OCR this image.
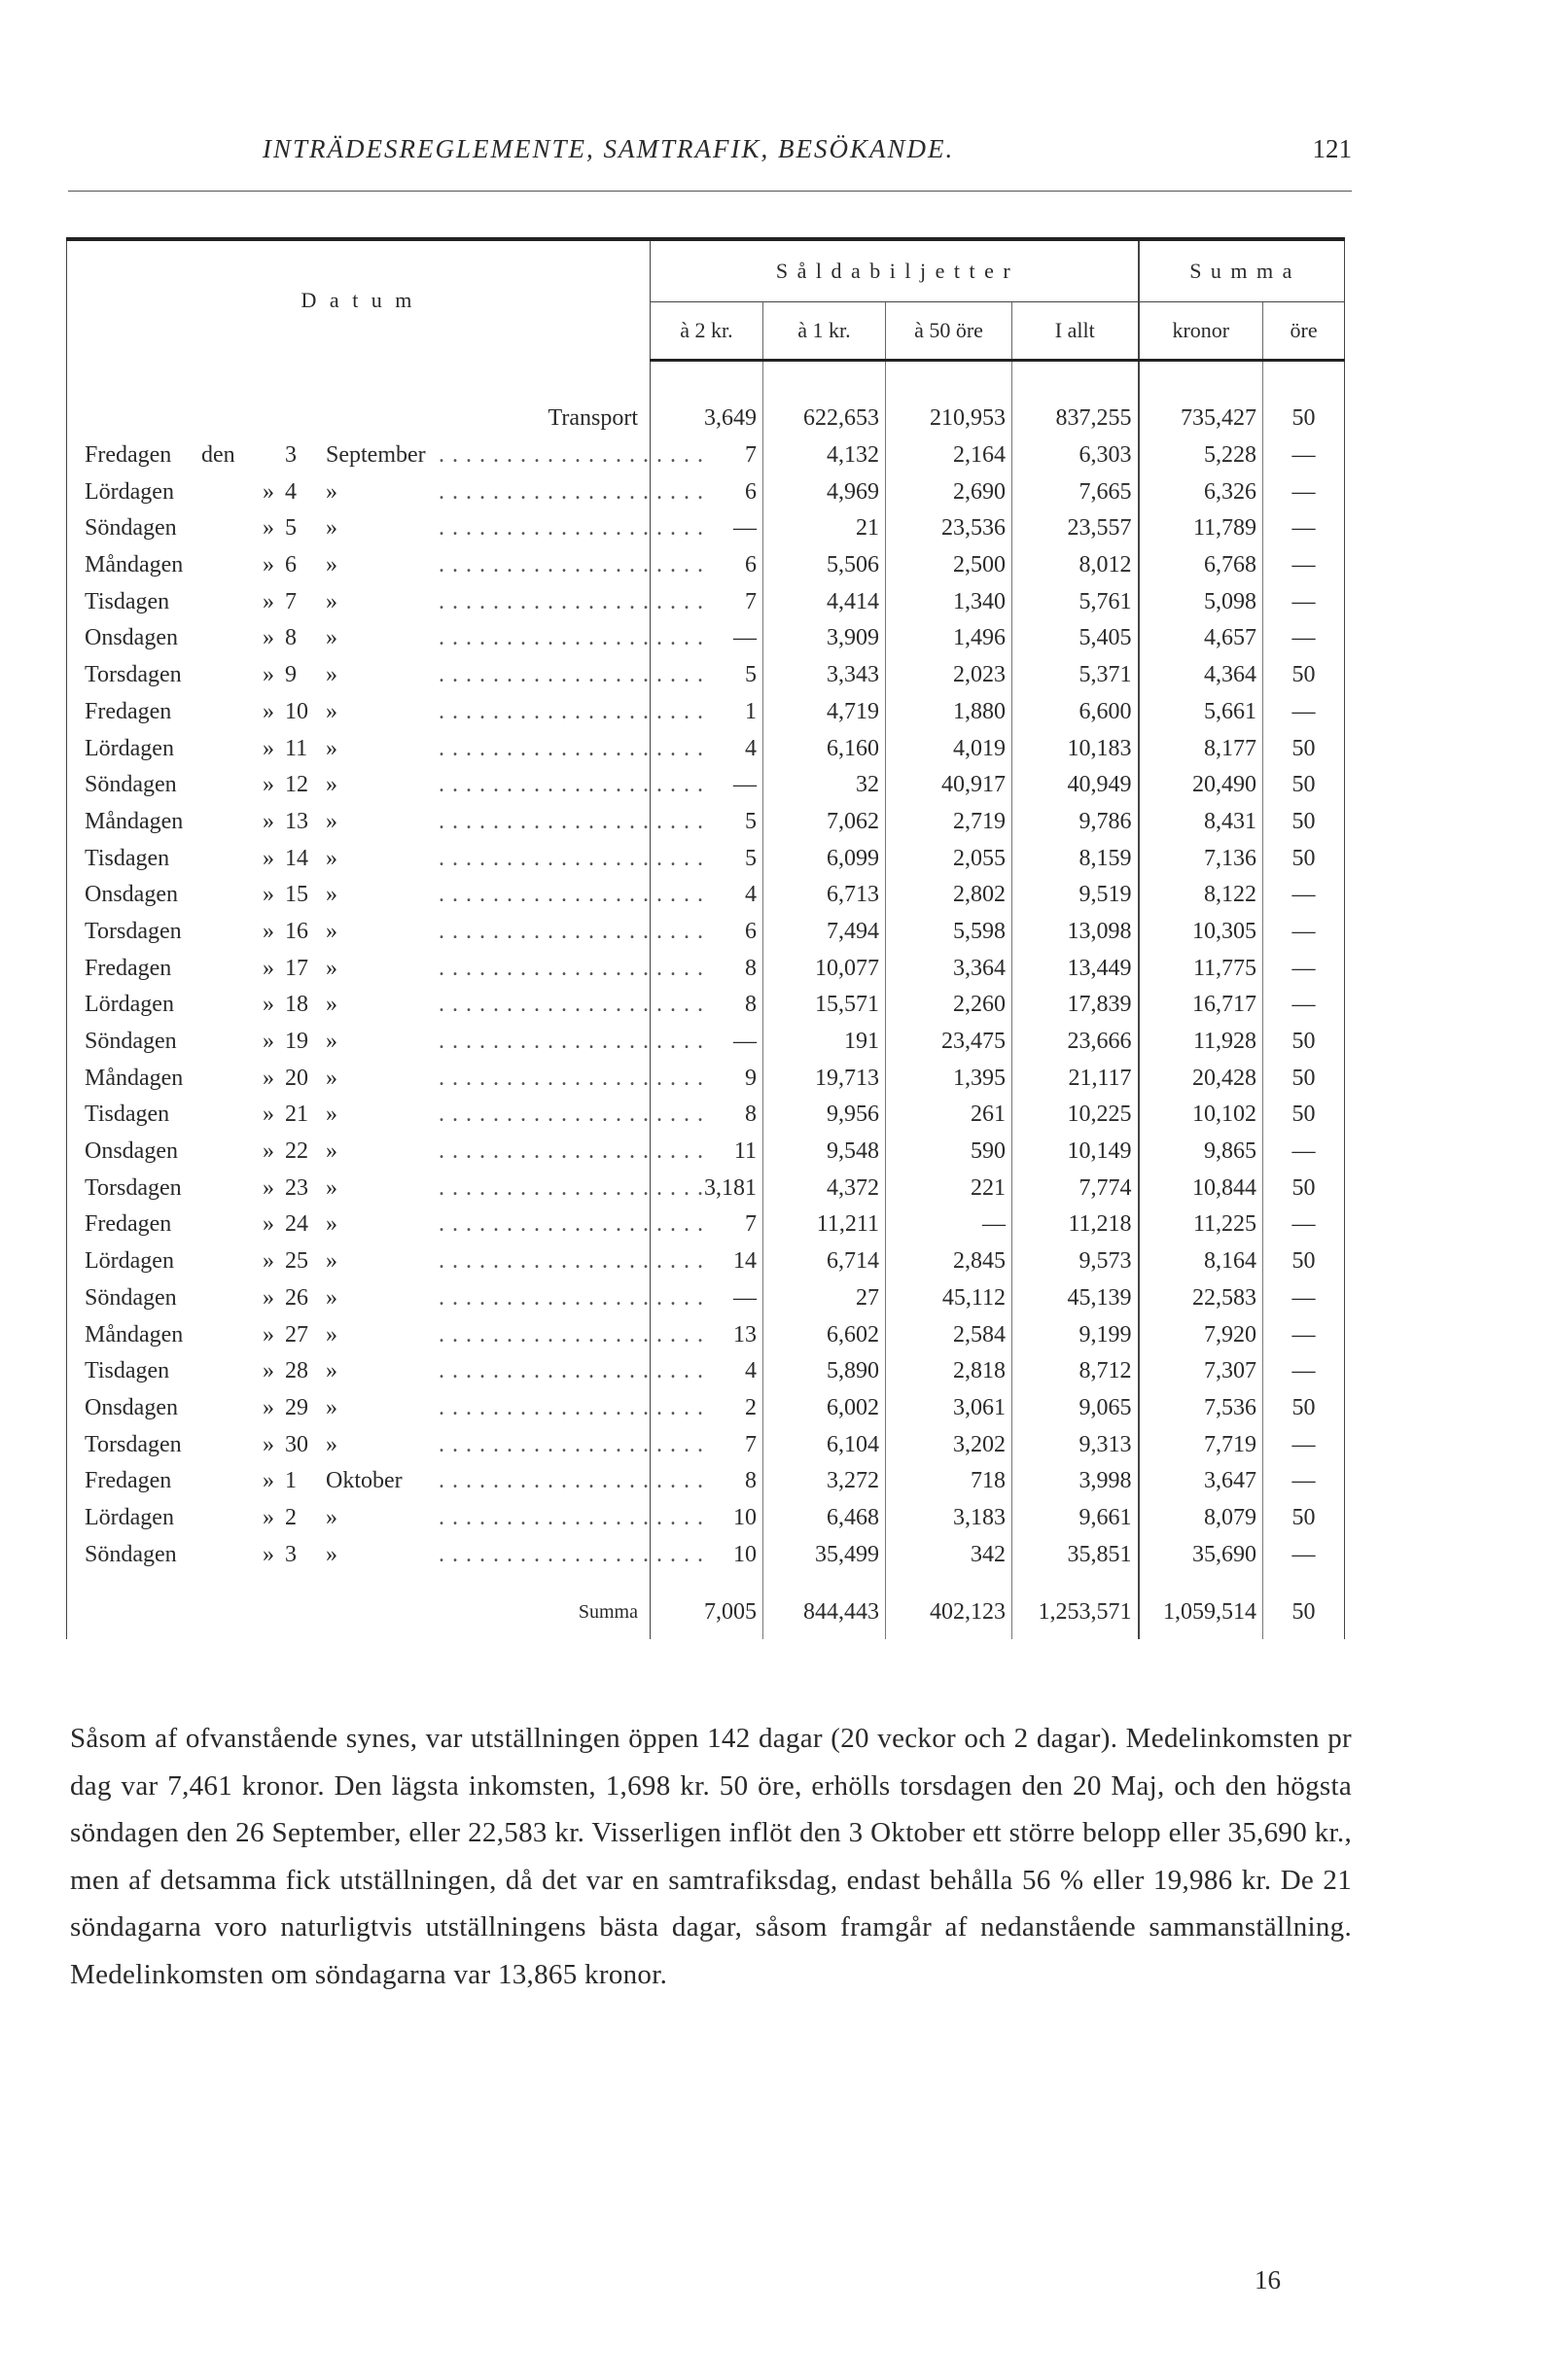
INTRÄDESREGLEMENTE, SAMTRAFIK, BESÖKANDE.	121
D a t u m	S å l d a b i l j e t t e r				S u m m a	
	à 2 kr.	à 1 kr.	à 50 öre	I allt	kronor	öre

Transport	3,649	622,653	210,953	837,255	735,427	50
Fredagen den 3 September . . . . . . . . . . . . . . . . . . . .	7	4,132	2,164	6,303	5,228	—
Lördagen » 4 » . . . . . . . . . . . . . . . . . . . .	6	4,969	2,690	7,665	6,326	—
Söndagen » 5 » . . . . . . . . . . . . . . . . . . . .	—	21	23,536	23,557	11,789	—
Måndagen » 6 » . . . . . . . . . . . . . . . . . . . .	6	5,506	2,500	8,012	6,768	—
Tisdagen » 7 » . . . . . . . . . . . . . . . . . . . .	7	4,414	1,340	5,761	5,098	—
Onsdagen » 8 » . . . . . . . . . . . . . . . . . . . .	—	3,909	1,496	5,405	4,657	—
Torsdagen » 9 » . . . . . . . . . . . . . . . . . . . .	5	3,343	2,023	5,371	4,364	50
Fredagen » 10 » . . . . . . . . . . . . . . . . . . . .	1	4,719	1,880	6,600	5,661	—
Lördagen » 11 » . . . . . . . . . . . . . . . . . . . .	4	6,160	4,019	10,183	8,177	50
Söndagen » 12 » . . . . . . . . . . . . . . . . . . . .	—	32	40,917	40,949	20,490	50
Måndagen » 13 » . . . . . . . . . . . . . . . . . . . .	5	7,062	2,719	9,786	8,431	50
Tisdagen » 14 » . . . . . . . . . . . . . . . . . . . .	5	6,099	2,055	8,159	7,136	50
Onsdagen » 15 » . . . . . . . . . . . . . . . . . . . .	4	6,713	2,802	9,519	8,122	—
Torsdagen » 16 » . . . . . . . . . . . . . . . . . . . .	6	7,494	5,598	13,098	10,305	—
Fredagen » 17 » . . . . . . . . . . . . . . . . . . . .	8	10,077	3,364	13,449	11,775	—
Lördagen » 18 » . . . . . . . . . . . . . . . . . . . .	8	15,571	2,260	17,839	16,717	—
Söndagen » 19 » . . . . . . . . . . . . . . . . . . . .	—	191	23,475	23,666	11,928	50
Måndagen » 20 » . . . . . . . . . . . . . . . . . . . .	9	19,713	1,395	21,117	20,428	50
Tisdagen » 21 » . . . . . . . . . . . . . . . . . . . .	8	9,956	261	10,225	10,102	50
Onsdagen » 22 » . . . . . . . . . . . . . . . . . . . .	11	9,548	590	10,149	9,865	—
Torsdagen » 23 » . . . . . . . . . . . . . . . . . . . .	3,181	4,372	221	7,774	10,844	50
Fredagen » 24 » . . . . . . . . . . . . . . . . . . . .	7	11,211	—	11,218	11,225	—
Lördagen » 25 » . . . . . . . . . . . . . . . . . . . .	14	6,714	2,845	9,573	8,164	50
Söndagen » 26 » . . . . . . . . . . . . . . . . . . . .	—	27	45,112	45,139	22,583	—
Måndagen » 27 » . . . . . . . . . . . . . . . . . . . .	13	6,602	2,584	9,199	7,920	—
Tisdagen » 28 » . . . . . . . . . . . . . . . . . . . .	4	5,890	2,818	8,712	7,307	—
Onsdagen » 29 » . . . . . . . . . . . . . . . . . . . .	2	6,002	3,061	9,065	7,536	50
Torsdagen » 30 » . . . . . . . . . . . . . . . . . . . .	7	6,104	3,202	9,313	7,719	—
Fredagen » 1 Oktober . . . . . . . . . . . . . . . . . . . .	8	3,272	718	3,998	3,647	—
Lördagen » 2 » . . . . . . . . . . . . . . . . . . . .	10	6,468	3,183	9,661	8,079	50
Söndagen » 3 » . . . . . . . . . . . . . . . . . . . .	10	35,499	342	35,851	35,690	—
Summa	7,005	844,443	402,123	1,253,571	1,059,514	50
Såsom af ofvanstående synes, var utställningen öppen 142 dagar (20 veckor och 2 dagar). Medelinkomsten pr dag var 7,461 kronor. Den lägsta inkomsten, 1,698 kr. 50 öre, erhölls torsdagen den 20 Maj, och den högsta söndagen den 26 September, eller 22,583 kr. Visserligen inflöt den 3 Oktober ett större belopp eller 35,690 kr., men af detsamma fick utställningen, då det var en samtrafiksdag, endast behålla 56 % eller 19,986 kr. De 21 söndagarna voro naturligtvis utställningens bästa dagar, såsom framgår af nedanstående sammanställning. Medelinkomsten om söndagarna var 13,865 kronor.
16
